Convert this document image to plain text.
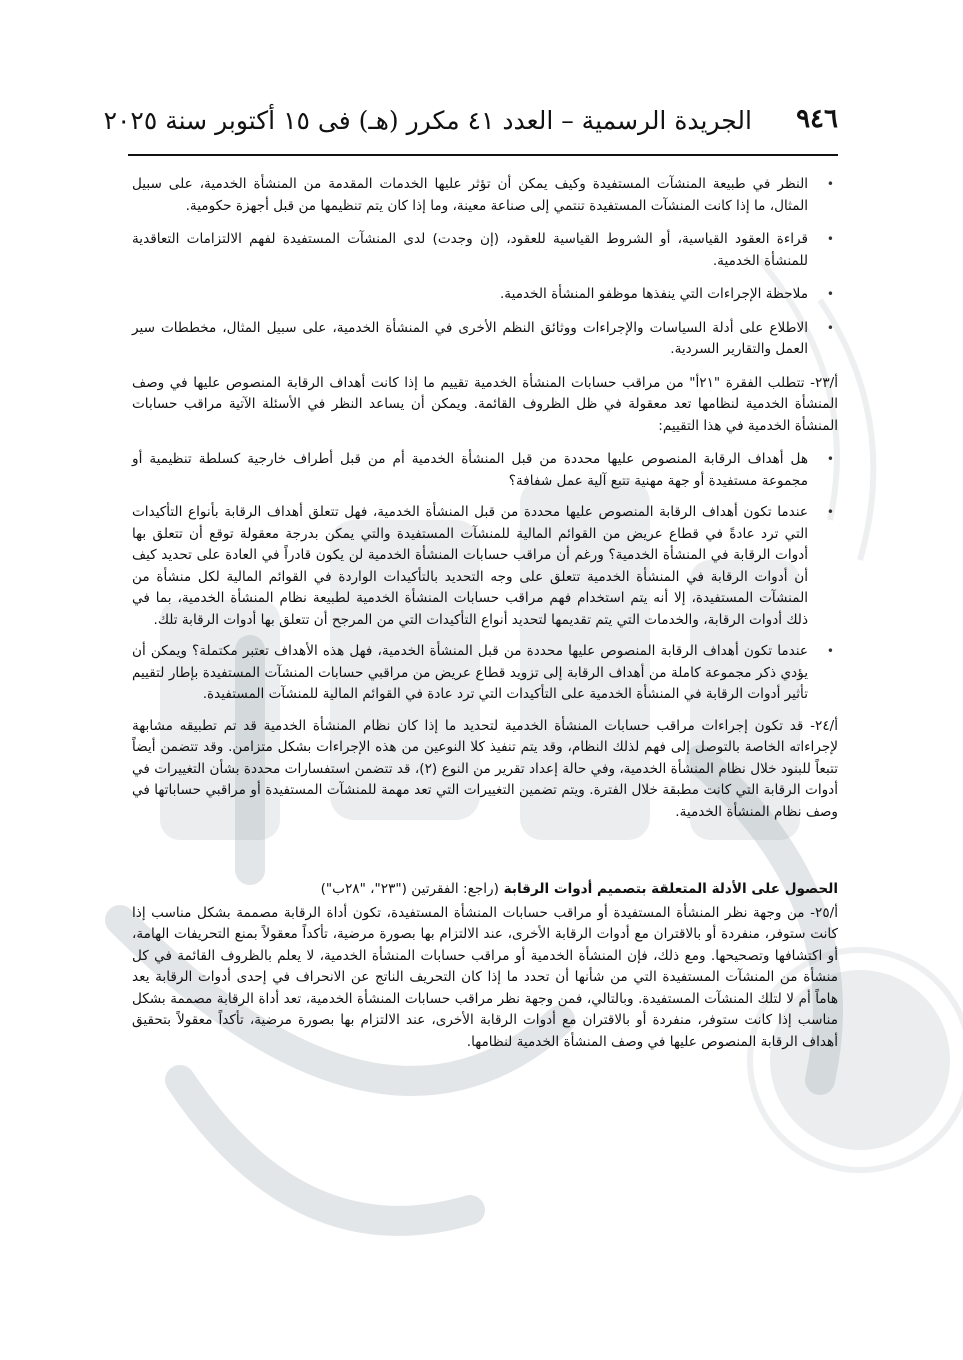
٩٤٦
الجريدة الرسمية – العدد ٤١ مكرر (هـ) فى ١٥ أكتوبر سنة ٢٠٢٥
•
النظر في طبيعة المنشآت المستفيدة وكيف يمكن أن تؤثر عليها الخدمات المقدمة من المنشأة الخدمية، على سبيل المثال، ما إذا كانت المنشآت المستفيدة تنتمي إلى صناعة معينة، وما إذا كان يتم تنظيمها من قبل أجهزة حكومية.
•
قراءة العقود القياسية، أو الشروط القياسية للعقود، (إن وجدت) لدى المنشآت المستفيدة لفهم الالتزامات التعاقدية للمنشأة الخدمية.
•
ملاحظة الإجراءات التي ينفذها موظفو المنشأة الخدمية.
•
الاطلاع على أدلة السياسات والإجراءات ووثائق النظم الأخرى في المنشأة الخدمية، على سبيل المثال، مخططات سير العمل والتقارير السردية.

أ/٢٣- تتطلب الفقرة "٢١أ" من مراقب حسابات المنشأة الخدمية تقييم ما إذا كانت أهداف الرقابة المنصوص عليها في وصف المنشأة الخدمية لنظامها تعد معقولة في ظل الظروف القائمة. ويمكن أن يساعد النظر في الأسئلة الآتية مراقب حسابات المنشأة الخدمية في هذا التقييم:

•
هل أهداف الرقابة المنصوص عليها محددة من قبل المنشأة الخدمية أم من قبل أطراف خارجية كسلطة تنظيمية أو مجموعة مستفيدة أو جهة مهنية تتبع آلية عمل شفافة؟
•
عندما تكون أهداف الرقابة المنصوص عليها محددة من قبل المنشأة الخدمية، فهل تتعلق أهداف الرقابة بأنواع التأكيدات التي ترد عادةً في قطاع عريض من القوائم المالية للمنشآت المستفيدة والتي يمكن بدرجة معقولة توقع أن تتعلق بها أدوات الرقابة في المنشأة الخدمية؟ ورغم أن مراقب حسابات المنشأة الخدمية لن يكون قادراً في العادة على تحديد كيف أن أدوات الرقابة في المنشأة الخدمية تتعلق على وجه التحديد بالتأكيدات الواردة في القوائم المالية لكل منشأة من المنشآت المستفيدة، إلا أنه يتم استخدام فهم مراقب حسابات المنشأة الخدمية لطبيعة نظام المنشأة الخدمية، بما في ذلك أدوات الرقابة، والخدمات التي يتم تقديمها لتحديد أنواع التأكيدات التي من المرجح أن تتعلق بها أدوات الرقابة تلك.
•
عندما تكون أهداف الرقابة المنصوص عليها محددة من قبل المنشأة الخدمية، فهل هذه الأهداف تعتبر مكتملة؟ ويمكن أن يؤدي ذكر مجموعة كاملة من أهداف الرقابة إلى تزويد قطاع عريض من مراقبي حسابات المنشآت المستفيدة بإطار لتقييم تأثير أدوات الرقابة في المنشأة الخدمية على التأكيدات التي ترد عادة في القوائم المالية للمنشآت المستفيدة.

أ/٢٤- قد تكون إجراءات مراقب حسابات المنشأة الخدمية لتحديد ما إذا كان نظام المنشأة الخدمية قد تم تطبيقه مشابهة لإجراءاته الخاصة بالتوصل إلى فهم لذلك النظام، وقد يتم تنفيذ كلا النوعين من هذه الإجراءات بشكل متزامن. وقد تتضمن أيضاً تتبعاً للبنود خلال نظام المنشأة الخدمية، وفي حالة إعداد تقرير من النوع (٢)، قد تتضمن استفسارات محددة بشأن التغييرات في أدوات الرقابة التي كانت مطبقة خلال الفترة. ويتم تضمين التغييرات التي تعد مهمة للمنشآت المستفيدة أو مراقبي حساباتها في وصف نظام المنشأة الخدمية.

الحصول على الأدلة المتعلقة بتصميم أدوات الرقابة (راجع: الفقرتين ("٢٣"، "٢٨ب")

أ/٢٥- من وجهة نظر المنشأة المستفيدة أو مراقب حسابات المنشأة المستفيدة، تكون أداة الرقابة مصممة بشكل مناسب إذا كانت ستوفر، منفردة أو بالاقتران مع أدوات الرقابة الأخرى، عند الالتزام بها بصورة مرضية، تأكداً معقولاً بمنع التحريفات الهامة، أو اكتشافها وتصحيحها. ومع ذلك، فإن المنشأة الخدمية أو مراقب حسابات المنشأة الخدمية، لا يعلم بالظروف القائمة في كل منشأة من المنشآت المستفيدة التي من شأنها أن تحدد ما إذا كان التحريف الناتج عن الانحراف في إحدى أدوات الرقابة يعد هاماً أم لا لتلك المنشآت المستفيدة. وبالتالي، فمن وجهة نظر مراقب حسابات المنشأة الخدمية، تعد أداة الرقابة مصممة بشكل مناسب إذا كانت ستوفر، منفردة أو بالاقتران مع أدوات الرقابة الأخرى، عند الالتزام بها بصورة مرضية، تأكداً معقولاً بتحقيق أهداف الرقابة المنصوص عليها في وصف المنشأة الخدمية لنظامها.
